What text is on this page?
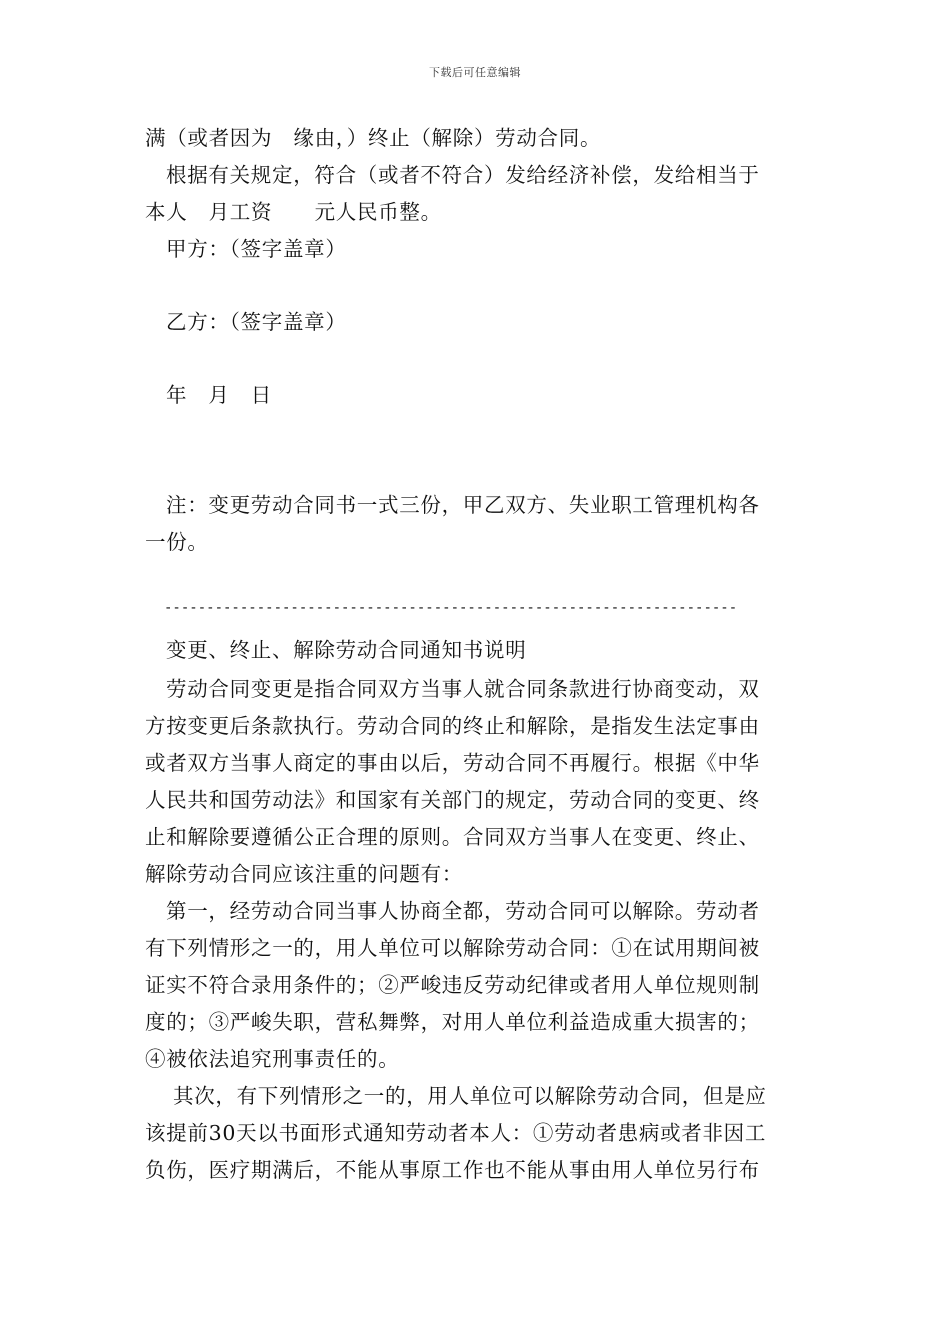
下载后可任意编辑
满（或者因为　缘由，）终止（解除）劳动合同。
根据有关规定，符合（或者不符合）发给经济补偿，发给相当于
本人　月工资　　元人民币整。
甲方：（签字盖章）
乙方：（签字盖章）
年　月　日
注：变更劳动合同书一式三份，甲乙双方、失业职工管理机构各
一份。
--------------------------------------------------------------------
变更、终止、解除劳动合同通知书说明
劳动合同变更是指合同双方当事人就合同条款进行协商变动，双
方按变更后条款执行。劳动合同的终止和解除，是指发生法定事由
或者双方当事人商定的事由以后，劳动合同不再履行。根据《中华
人民共和国劳动法》和国家有关部门的规定，劳动合同的变更、终
止和解除要遵循公正合理的原则。合同双方当事人在变更、终止、
解除劳动合同应该注重的问题有：
第一，经劳动合同当事人协商全都，劳动合同可以解除。劳动者
有下列情形之一的，用人单位可以解除劳动合同：①在试用期间被
证实不符合录用条件的；②严峻违反劳动纪律或者用人单位规则制
度的；③严峻失职，营私舞弊，对用人单位利益造成重大损害的；
④被依法追究刑事责任的。
其次，有下列情形之一的，用人单位可以解除劳动合同，但是应
该提前30天以书面形式通知劳动者本人：①劳动者患病或者非因工
负伤，医疗期满后，不能从事原工作也不能从事由用人单位另行布
